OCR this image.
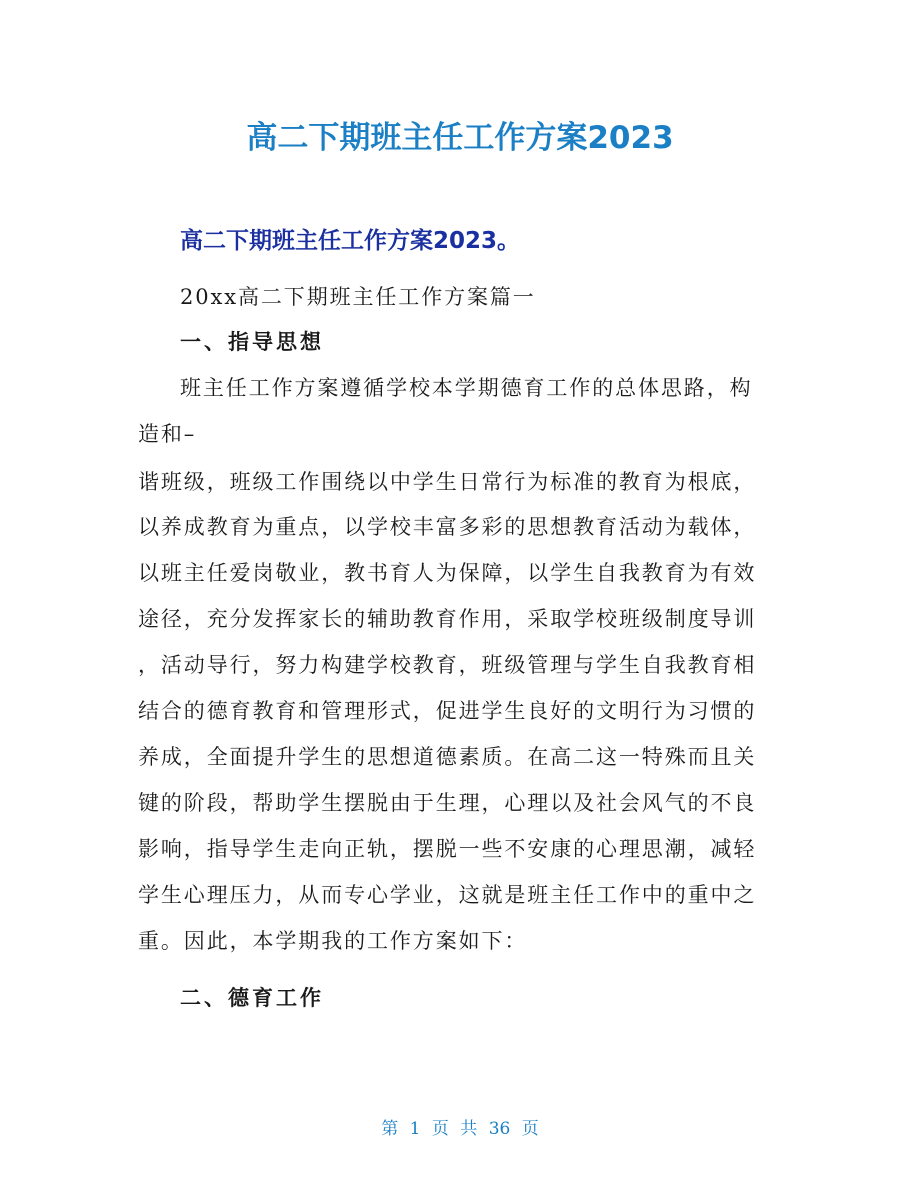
高二下期班主任工作方案2023
高二下期班主任工作方案2023。
20xx高二下期班主任工作方案篇一
一、指导思想
班主任工作方案遵循学校本学期德育工作的总体思路，构
造和–
谐班级，班级工作围绕以中学生日常行为标准的教育为根底，
以养成教育为重点，以学校丰富多彩的思想教育活动为载体，
以班主任爱岗敬业，教书育人为保障，以学生自我教育为有效
途径，充分发挥家长的辅助教育作用，采取学校班级制度导训
，活动导行，努力构建学校教育，班级管理与学生自我教育相
结合的德育教育和管理形式，促进学生良好的文明行为习惯的
养成，全面提升学生的思想道德素质。在高二这一特殊而且关
键的阶段，帮助学生摆脱由于生理，心理以及社会风气的不良
影响，指导学生走向正轨，摆脱一些不安康的心理思潮，减轻
学生心理压力，从而专心学业，这就是班主任工作中的重中之
重。因此，本学期我的工作方案如下：
二、德育工作
第 1 页 共 36 页
